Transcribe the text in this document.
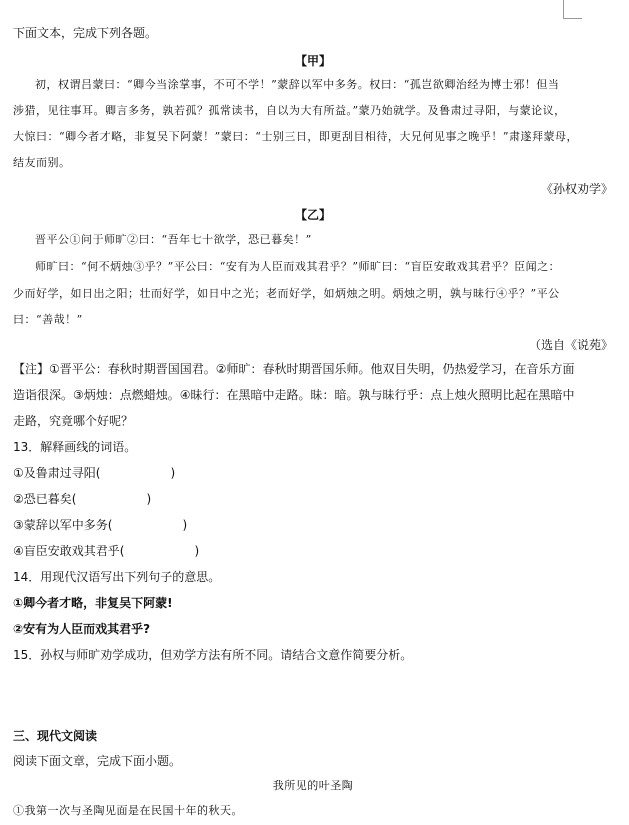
下面文本，完成下列各题。
【甲】
初，权谓吕蒙曰：“卿今当涂掌事，不可不学！”蒙辞以军中多务。权曰：“孤岂欲卿治经为博士邪！但当
涉猎，见往事耳。卿言多务，孰若孤？孤常读书，自以为大有所益。”蒙乃始就学。及鲁肃过寻阳，与蒙论议，
大惊曰：“卿今者才略，非复吴下阿蒙！”蒙曰：“士别三日，即更刮目相待，大兄何见事之晚乎！”肃遂拜蒙母，
结友而别。
《孙权劝学》
【乙】
晋平公①问于师旷②曰：“吾年七十欲学，恐已暮矣！”
师旷曰：“何不炳烛③乎？”平公曰：“安有为人臣而戏其君乎？”师旷曰：“盲臣安敢戏其君乎？臣闻之：
少而好学，如日出之阳；壮而好学，如日中之光；老而好学，如炳烛之明。炳烛之明，孰与昧行④乎？”平公
曰：“善哉！”
（选自《说苑》
【注】①晋平公：春秋时期晋国国君。②师旷：春秋时期晋国乐师。他双目失明，仍热爱学习，在音乐方面
造诣很深。③炳烛：点燃蜡烛。④昧行：在黑暗中走路。昧：暗。孰与昧行乎：点上烛火照明比起在黑暗中
走路，究竟哪个好呢？
13．解释画线的词语。
①及鲁肃过寻阳(	)
②恐已暮矣(	)
③蒙辞以军中多务(	)
④盲臣安敢戏其君乎(	)
14．用现代汉语写出下列句子的意思。
①卿今者才略，非复吴下阿蒙!
②安有为人臣而戏其君乎?
15．孙权与师旷劝学成功，但劝学方法有所不同。请结合文意作简要分析。
三、现代文阅读
阅读下面文章，完成下面小题。
我所见的叶圣陶
①我第一次与圣陶见面是在民国十年的秋天。
